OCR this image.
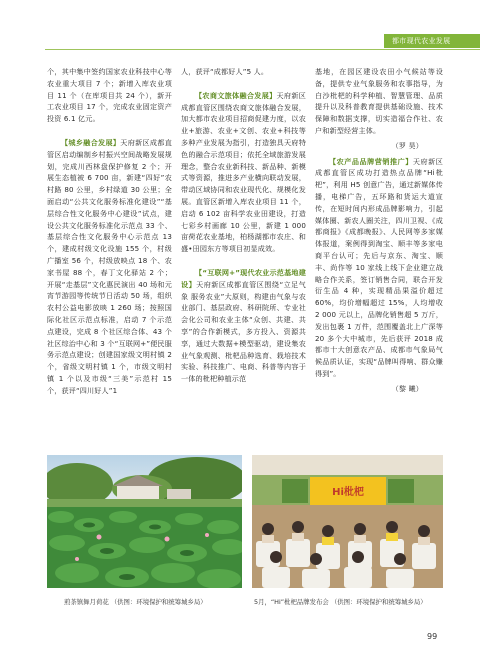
都市现代农业发展

个，其中集中签约国家农业科技中心等农业重大项目 7 个；新增入库农业项目 11 个（在库项目共 24 个），新开工农业项目 17 个，完成农业固定资产投资 6.1 亿元。

【城乡融合发展】天府新区成都直管区启动编制乡村振兴空间战略发展规划，完成川西林盘保护修复 2 个；开展生态植被 6 700 亩，新建“四好”农村路 80 公里，乡村绿道 30 公里；全面启动“公共文化服务标准化建设”“基层综合性文化服务中心建设”试点，建设公共文化服务标准化示范点 33 个、基层综合性文化服务中心示范点 13 个，建成村级文化设施 155 个，村级广播室 56 个，村级放映点 18 个、农家书屋 88 个，春丁文化驿站 2 个；开展“走基层”文化惠民演出 40 场和元宵节游园等传统节日活动 50 场，组织农村公益电影放映 1 260 场；按照国际化社区示范点标准，启动 7 个示范点建设，完成 8 个社区综合体、43 个社区综治中心和 3 个“互联网+”便民服务示范点建设；创建国家级文明村镇 2 个，省级文明村镇 1 个，市级文明村镇 1 个以及市级“三美”示范村 15 个，获评“四川好人”1

人，获评“成都好人”5 人。

【农商文旅体融合发展】天府新区成都直管区围绕农商文旅体融合发展，加大都市农业项目招商促建力度，以农业+旅游、农业+文创、农业+科技等多种产业发展为指引，打造独具天府特色的融合示范项目；依托全域旅游发展理念，整合农业新科技、新品种、新模式等资源，推进多产业横向联动发展，带动区域协同和农业现代化、规模化发展。直管区新增入库农业项目 11 个，启动 6 102 亩科学农业田建设，打造七彩乡村画廊 10 公里，新建 1 000 亩荷花农业基地，柏杨湖都市农庄、和盛•田园东方等项目初显成效。

【“互联网+”现代农业示范基地建设】天府新区成都直管区围绕“立足气象 服务农业”大原则，构建由气象与农业部门、基层政府、科研院所、专业社会化公司和农业主体“众创、共建、共享”的合作新模式，多方投入、资源共享，通过大数据+模型驱动，建设集农业气象观测、枇杷品种选育、栽培技术实验、科技推广、电商、科普等内容于一体的枇杷种植示范

基地，在园区建设农田小气候站等设备，提供专业气象服务和农事指导，为白沙枇杷的科学种植、智慧管理、品质提升以及科普教育提供基础设施、技术保障和数据支撑，切实造福合作社、农户和新型经营主体。

（罗 昊）

【农产品品牌营销推广】天府新区成都直管区成功打造热点品牌“Hi枇杷”，利用 H5 创意广告，通过新媒体传播，电梯广告，五环路和货运大道宣传，在短时间内形成品牌影响力，引起媒体圈、新农人圈关注，四川卫视、《成都商报》《成都晚报》、人民网等多家媒体报道，案例得到淘宝、顺丰等多家电商平台认可；先后与京东、淘宝、顺丰、尚作等 10 家线上线下企业建立战略合作关系，签订销售合同，联合开发衍生品 4 种，实现精品果溢价超过 60%，均价增幅超过 15%，人均增收 2 000 元以上，品牌化销售超 5 万斤，发出包裹 1 万件，范围覆盖北上广深等 20 多个大中城市，先后获评 2018 成都市十大创意农产品、成都市气象局气候品质认证，实现“品牌叫得响、群众赚得到”。

（黎 曦）

Hi枇杷
煎茶镇舞月荷花 （供图：环境保护和统筹城乡局）	5月，“Hi”枇杷品牌发布会 （供图：环境保护和统筹城乡局）
99
